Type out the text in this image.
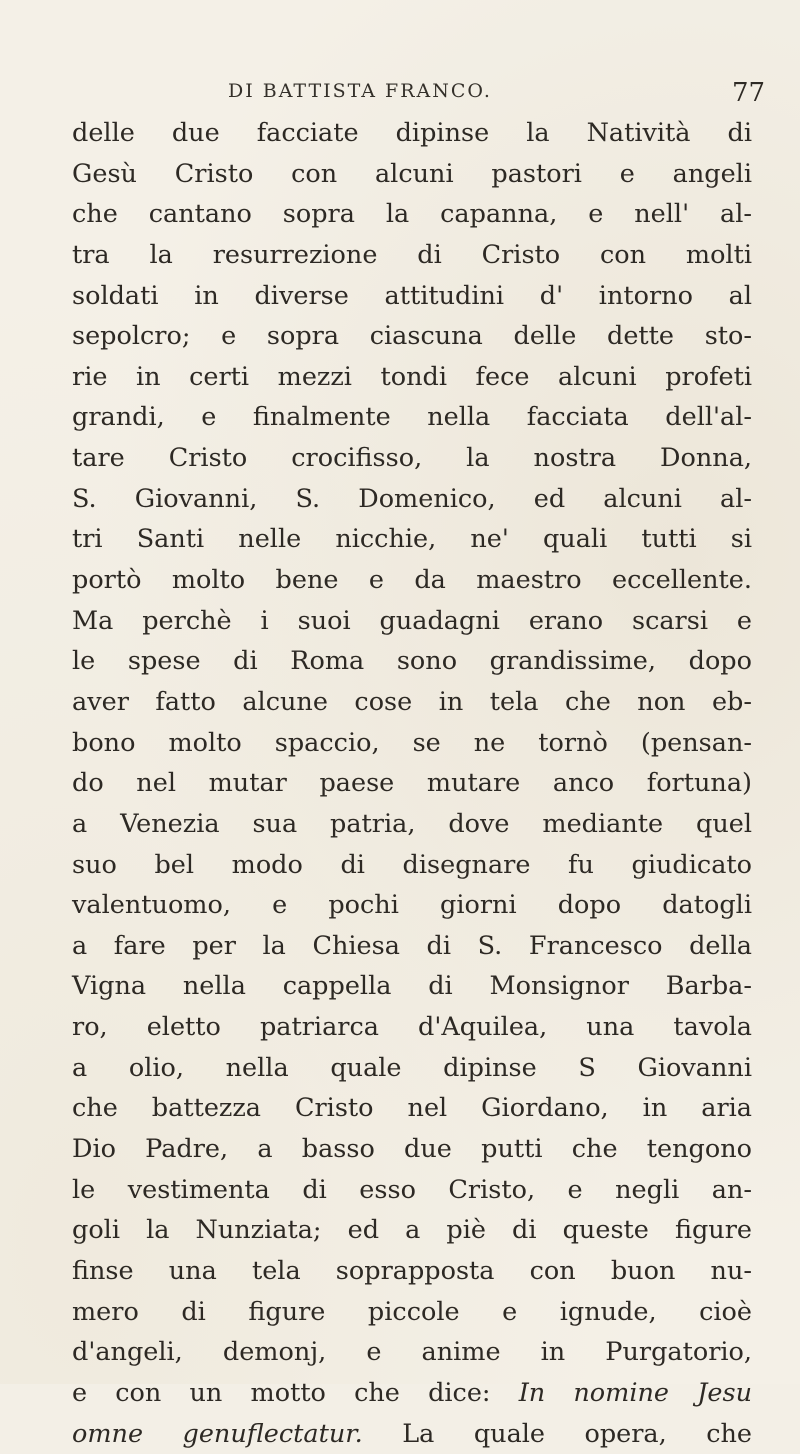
DI BATTISTA FRANCO.	77
delle due facciate dipinse la Natività di
Gesù Cristo con alcuni pastori e angeli
che cantano sopra la capanna, e nell' al-
tra la resurrezione di Cristo con molti
soldati in diverse attitudini d' intorno al
sepolcro; e sopra ciascuna delle dette sto-
rie in certi mezzi tondi fece alcuni profeti
grandi, e finalmente nella facciata dell'al-
tare Cristo crocifisso, la nostra Donna,
S. Giovanni, S. Domenico, ed alcuni al-
tri Santi nelle nicchie, ne' quali tutti si
portò molto bene e da maestro eccellente.
Ma perchè i suoi guadagni erano scarsi e
le spese di Roma sono grandissime, dopo
aver fatto alcune cose in tela che non eb-
bono molto spaccio, se ne tornò (pensan-
do nel mutar paese mutare anco fortuna)
a Venezia sua patria, dove mediante quel
suo bel modo di disegnare fu giudicato
valentuomo, e pochi giorni dopo datogli
a fare per la Chiesa di S. Francesco della
Vigna nella cappella di Monsignor Barba-
ro, eletto patriarca d'Aquilea, una tavola
a olio, nella quale dipinse S Giovanni
che battezza Cristo nel Giordano, in aria
Dio Padre, a basso due putti che tengono
le vestimenta di esso Cristo, e negli an-
goli la Nunziata; ed a piè di queste figure
finse una tela soprapposta con buon nu-
mero di figure piccole e ignude, cioè
d'angeli, demonj, e anime in Purgatorio,
e con un motto che dice: In nomine Jesu
omne genuflectatur. La quale opera, che
